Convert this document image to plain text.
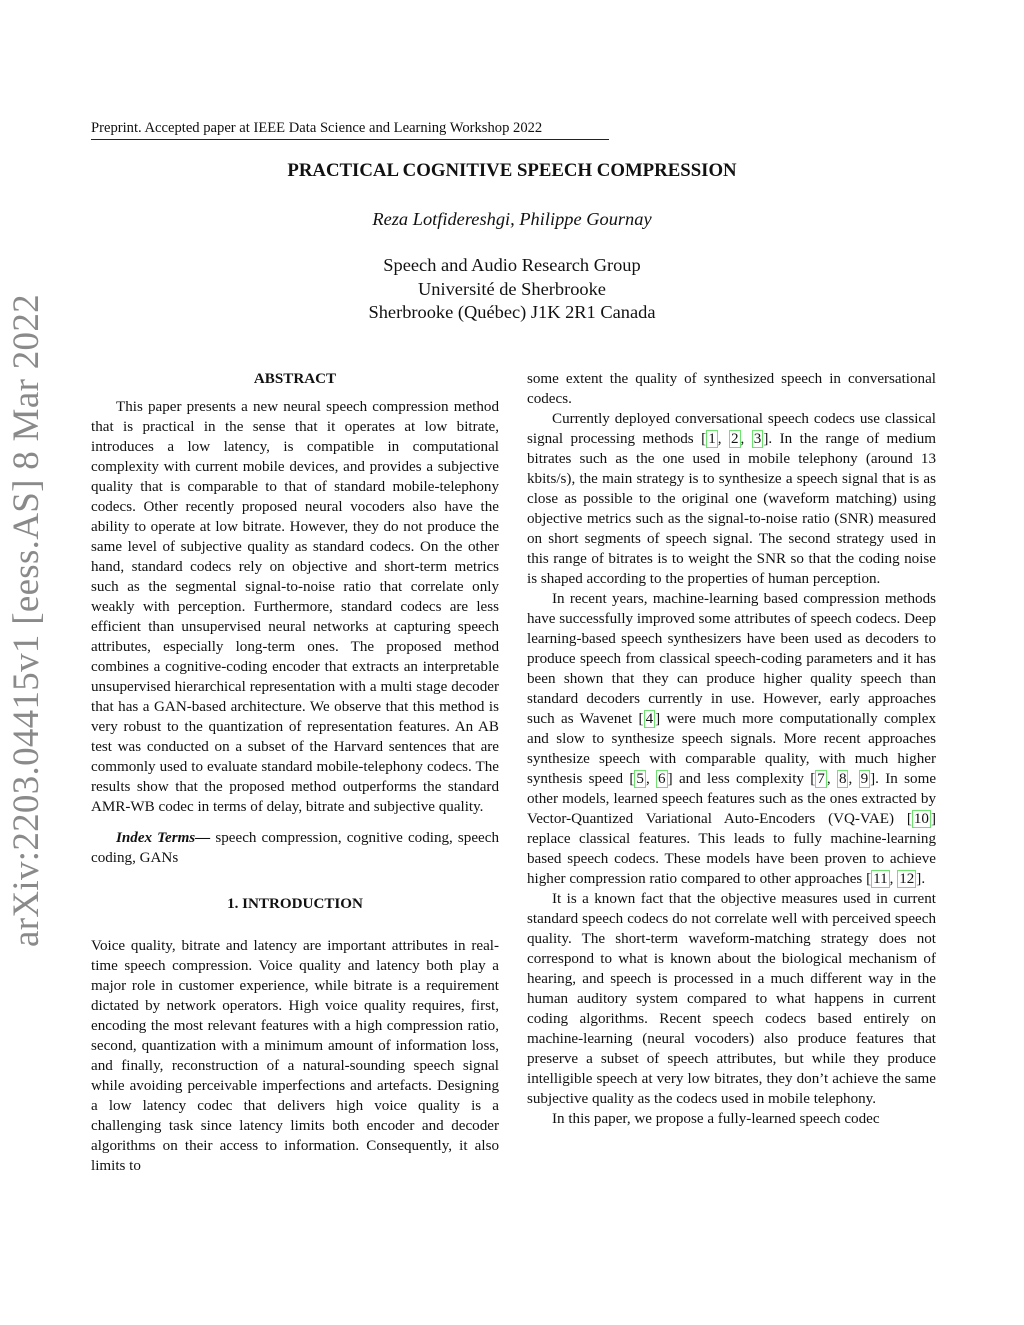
Preprint. Accepted paper at IEEE Data Science and Learning Workshop 2022
arXiv:2203.04415v1 [eess.AS] 8 Mar 2022
PRACTICAL COGNITIVE SPEECH COMPRESSION
Reza Lotfidereshgi, Philippe Gournay
Speech and Audio Research Group
Université de Sherbrooke
Sherbrooke (Québec) J1K 2R1 Canada
ABSTRACT

This paper presents a new neural speech compression method that is practical in the sense that it operates at low bitrate, introduces a low latency, is compatible in computational complexity with current mobile devices, and provides a subjective quality that is comparable to that of standard mobile-telephony codecs. Other recently proposed neural vocoders also have the ability to operate at low bitrate. However, they do not produce the same level of subjective quality as standard codecs. On the other hand, standard codecs rely on objective and short-term metrics such as the segmental signal-to-noise ratio that correlate only weakly with perception. Furthermore, standard codecs are less efficient than unsupervised neural networks at capturing speech attributes, especially long-term ones. The proposed method combines a cognitive-coding encoder that extracts an interpretable unsupervised hierarchical representation with a multi stage decoder that has a GAN-based architecture. We observe that this method is very robust to the quantization of representation features. An AB test was conducted on a subset of the Harvard sentences that are commonly used to evaluate standard mobile-telephony codecs. The results show that the proposed method outperforms the standard AMR-WB codec in terms of delay, bitrate and subjective quality.

Index Terms— speech compression, cognitive coding, speech coding, GANs

1. INTRODUCTION

Voice quality, bitrate and latency are important attributes in real-time speech compression. Voice quality and latency both play a major role in customer experience, while bitrate is a requirement dictated by network operators. High voice quality requires, first, encoding the most relevant features with a high compression ratio, second, quantization with a minimum amount of information loss, and finally, reconstruction of a natural-sounding speech signal while avoiding perceivable imperfections and artefacts. Designing a low latency codec that delivers high voice quality is a challenging task since latency limits both encoder and decoder algorithms on their access to information. Consequently, it also limits to

some extent the quality of synthesized speech in conversational codecs.

Currently deployed conversational speech codecs use classical signal processing methods [ 1 , 2 , 3 ]. In the range of medium bitrates such as the one used in mobile telephony (around 13 kbits/s), the main strategy is to synthesize a speech signal that is as close as possible to the original one (waveform matching) using objective metrics such as the signal-to-noise ratio (SNR) measured on short segments of speech signal. The second strategy used in this range of bitrates is to weight the SNR so that the coding noise is shaped according to the properties of human perception.

In recent years, machine-learning based compression methods have successfully improved some attributes of speech codecs. Deep learning-based speech synthesizers have been used as decoders to produce speech from classical speech-coding parameters and it has been shown that they can produce higher quality speech than standard decoders currently in use. However, early approaches such as Wavenet [ 4 ] were much more computationally complex and slow to synthesize speech signals. More recent approaches synthesize speech with comparable quality, with much higher synthesis speed [ 5 , 6 ] and less complexity [ 7 , 8 , 9 ]. In some other models, learned speech features such as the ones extracted by Vector-Quantized Variational Auto-Encoders (VQ-VAE) [ 10 ] replace classical features. This leads to fully machine-learning based speech codecs. These models have been proven to achieve higher compression ratio compared to other approaches [ 11 , 12 ].

It is a known fact that the objective measures used in current standard speech codecs do not correlate well with perceived speech quality. The short-term waveform-matching strategy does not correspond to what is known about the biological mechanism of hearing, and speech is processed in a much different way in the human auditory system compared to what happens in current coding algorithms. Recent speech codecs based entirely on machine-learning (neural vocoders) also produce features that preserve a subset of speech attributes, but while they produce intelligible speech at very low bitrates, they don’t achieve the same subjective quality as the codecs used in mobile telephony.

In this paper, we propose a fully-learned speech codec
